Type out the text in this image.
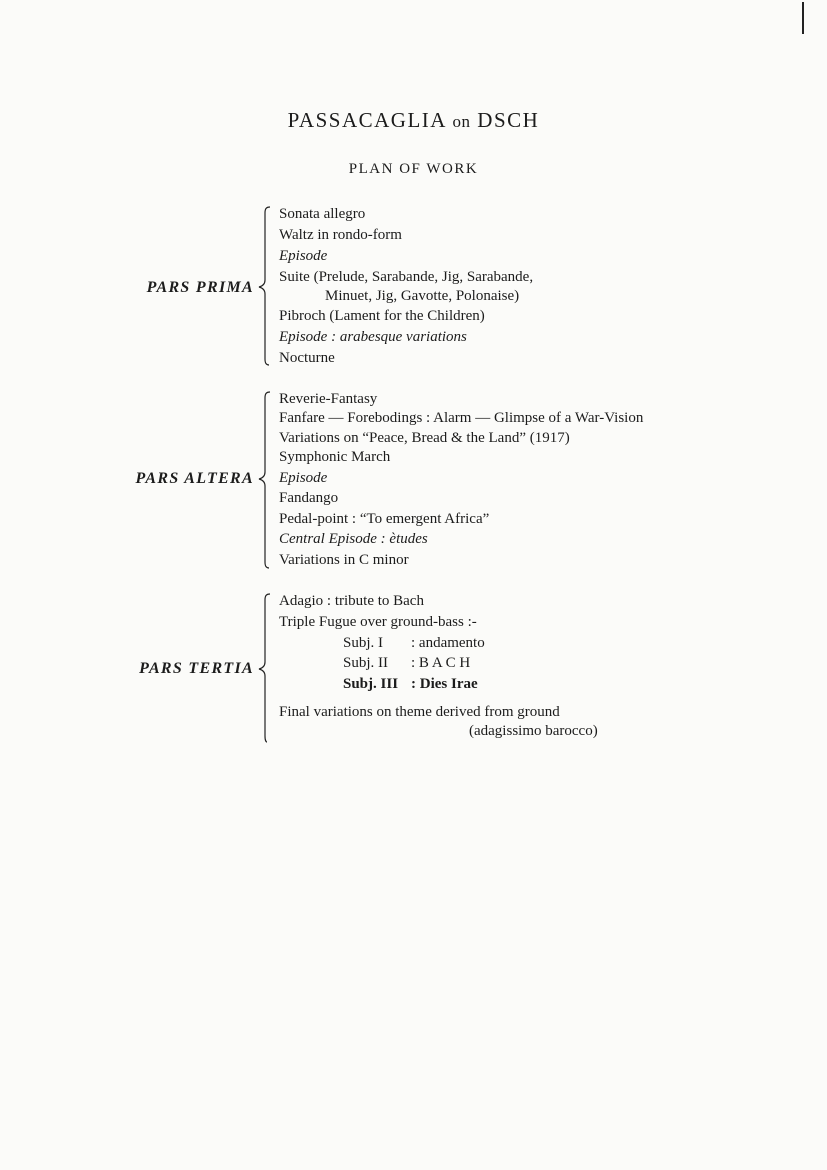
PASSACAGLIA on DSCH
PLAN OF WORK
PARS PRIMA
Sonata allegro
Waltz in rondo-form
Episode
Suite (Prelude, Sarabande, Jig, Sarabande,
Minuet, Jig, Gavotte, Polonaise)
Pibroch (Lament for the Children)
Episode : arabesque variations
Nocturne
PARS ALTERA
Reverie-Fantasy
Fanfare — Forebodings : Alarm — Glimpse of a War-Vision
Variations on “Peace, Bread & the Land” (1917)
Symphonic March
Episode
Fandango
Pedal-point : “To emergent Africa”
Central Episode : ètudes
Variations in C minor
PARS TERTIA
Adagio : tribute to Bach
Triple Fugue over ground-bass :-
Subj. I : andamento
Subj. II : B A C H
Subj. III : Dies Irae
Final variations on theme derived from ground
(adagissimo barocco)
